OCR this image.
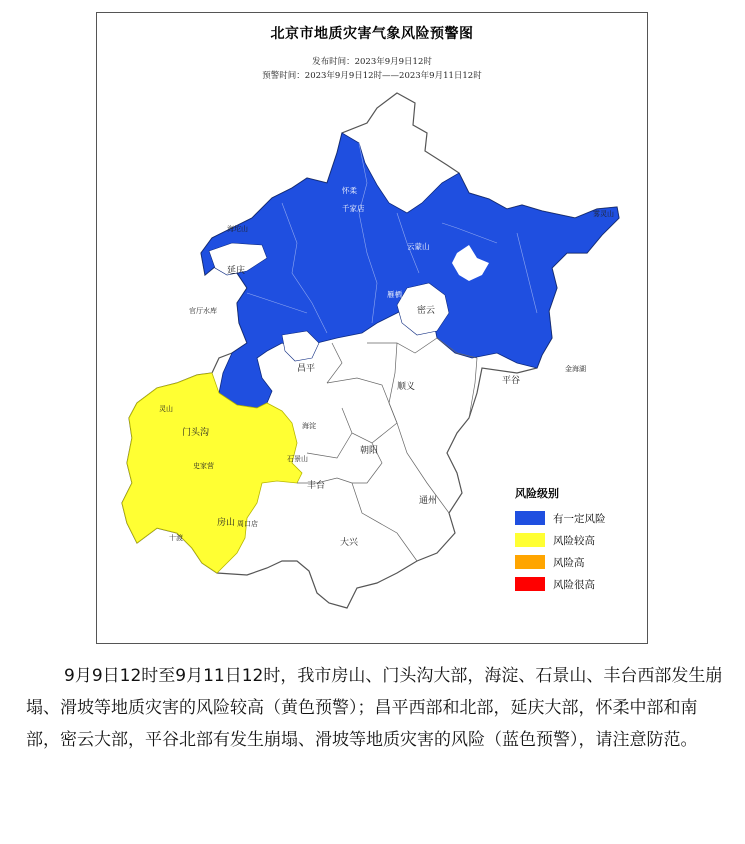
北京市地质灾害气象风险预警图
发布时间：2023年9月9日12时
预警时间：2023年9月9日12时——2023年9月11日12时
怀柔
延庆
密云
昌平
顺义
平谷
门头沟
海淀
石景山
朝阳
丰台
通州
大兴
房山
千家店
海坨山
官厅水库
云蒙山
雾灵山
金海湖
灵山
史家营
十渡
周口店
雁栖
风险级别
有一定风险
风险较高
风险高
风险很高
9月9日12时至9月11日12时，我市房山、门头沟大部，海淀、石景山、丰台西部发生崩塌、滑坡等地质灾害的风险较高（黄色预警）；昌平西部和北部，延庆大部，怀柔中部和南部，密云大部，平谷北部有发生崩塌、滑坡等地质灾害的风险（蓝色预警），请注意防范。
